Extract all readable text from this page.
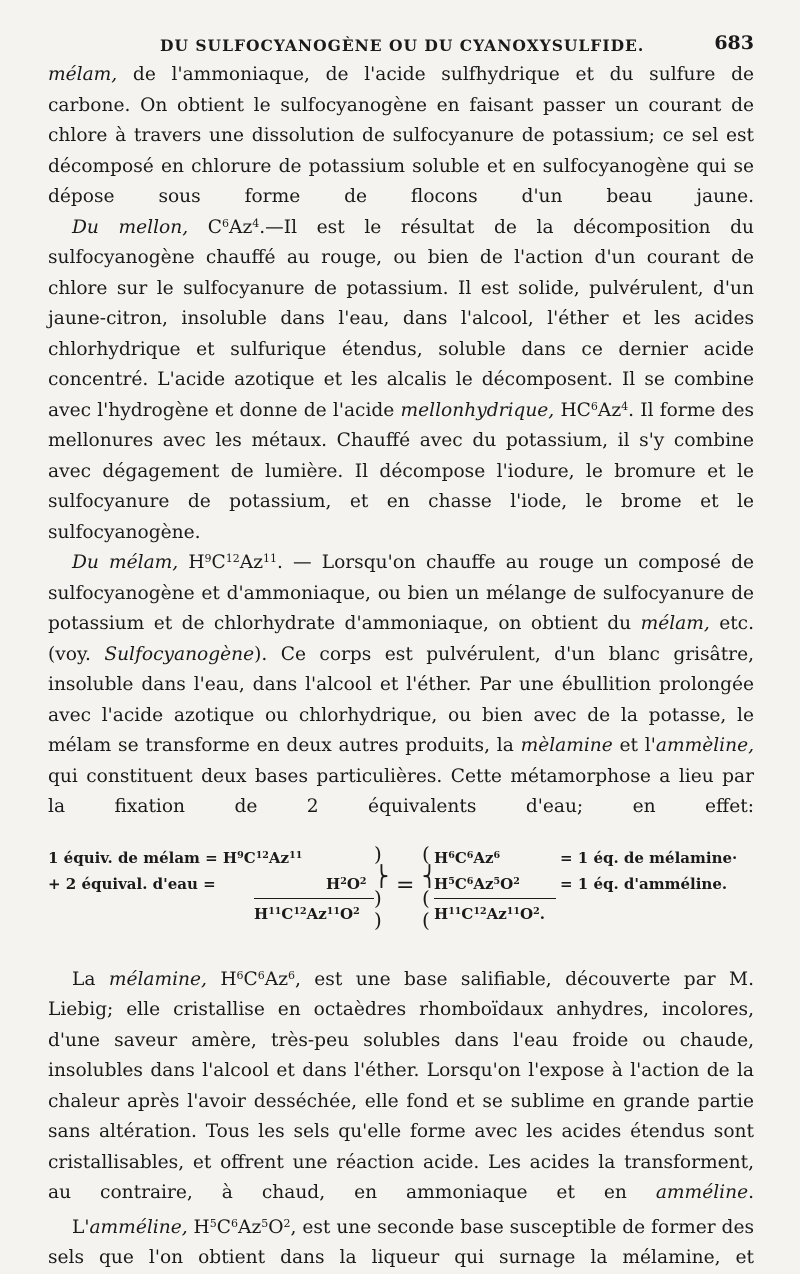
DU SULFOCYANOGÈNE OU DU CYANOXYSULFIDE.	683

mélam, de l'ammoniaque, de l'acide sulfhydrique et du sulfure de carbone. On obtient le sulfocyanogène en faisant passer un courant de chlore à travers une dissolution de sulfocyanure de potassium; ce sel est décomposé en chlorure de potassium soluble et en sulfocyanogène qui se dépose sous forme de flocons d'un beau jaune.

Du mellon, $C^6Az^4.—Il$ est le résultat de la décomposition du sulfocyanogène chauffé au rouge, ou bien de l'action d'un courant de chlore sur le sulfocyanure de potassium. Il est solide, pulvérulent, d'un jaune-citron, insoluble dans l'eau, dans l'alcool, l'éther et les acides chlorhydrique et sulfurique étendus, soluble dans ce dernier acide concentré. L'acide azotique et les alcalis le décomposent. Il se combine avec l'hydrogène et donne de l'acide mellonhydrique, $HC^6Az^4$. Il forme des mellonures avec les métaux. Chauffé avec du potassium, il s'y combine avec dégagement de lumière. Il décompose l'iodure, le bromure et le sulfocyanure de potassium, et en chasse l'iode, le brome et le sulfocyanogène.

Du mélam, $H^9C^{12}Az^{11}$. — Lorsqu'on chauffe au rouge un composé de sulfocyanogène et d'ammoniaque, ou bien un mélange de sulfocyanure de potassium et de chlorhydrate d'ammoniaque, on obtient du mélam, etc. (voy. Sulfocyanogène). Ce corps est pulvérulent, d'un blanc grisâtre, insoluble dans l'eau, dans l'alcool et l'éther. Par une ébullition prolongée avec l'acide azotique ou chlorhydrique, ou bien avec de la potasse, le mélam se transforme en deux autres produits, la mèlamine et l'ammèline, qui constituent deux bases particulières. Cette métamorphose a lieu par la fixation de 2 équivalents d'eau; en effet:

1 équiv. de mélam = $H^9C^{12}Az^{11}$
+ 2 équival. d'eau =	$H^2O^2$
$H^{11}C^{12}Az^{11}O^2$
)
⎬
)
)
=
(
⎨
(
(
$H^6C^6Az^6$	= 1 éq. de mélamine·
$H^5C^6Az^5O^2$	= 1 éq. d'amméline.
$H^{11}C^{12}Az^{11}O^2$.

La mélamine, $H^6C^6Az^6$, est une base salifiable, découverte par M. Liebig; elle cristallise en octaèdres rhomboïdaux anhydres, incolores, d'une saveur amère, très-peu solubles dans l'eau froide ou chaude, insolubles dans l'alcool et dans l'éther. Lorsqu'on l'expose à l'action de la chaleur après l'avoir desséchée, elle fond et se sublime en grande partie sans altération. Tous les sels qu'elle forme avec les acides étendus sont cristallisables, et offrent une réaction acide. Les acides la transforment, au contraire, à chaud, en ammoniaque et en amméline.

L'amméline, $H^5C^6Az^5O^2$, est une seconde base susceptible de former des sels que l'on obtient dans la liqueur qui surnage la mélamine, et
